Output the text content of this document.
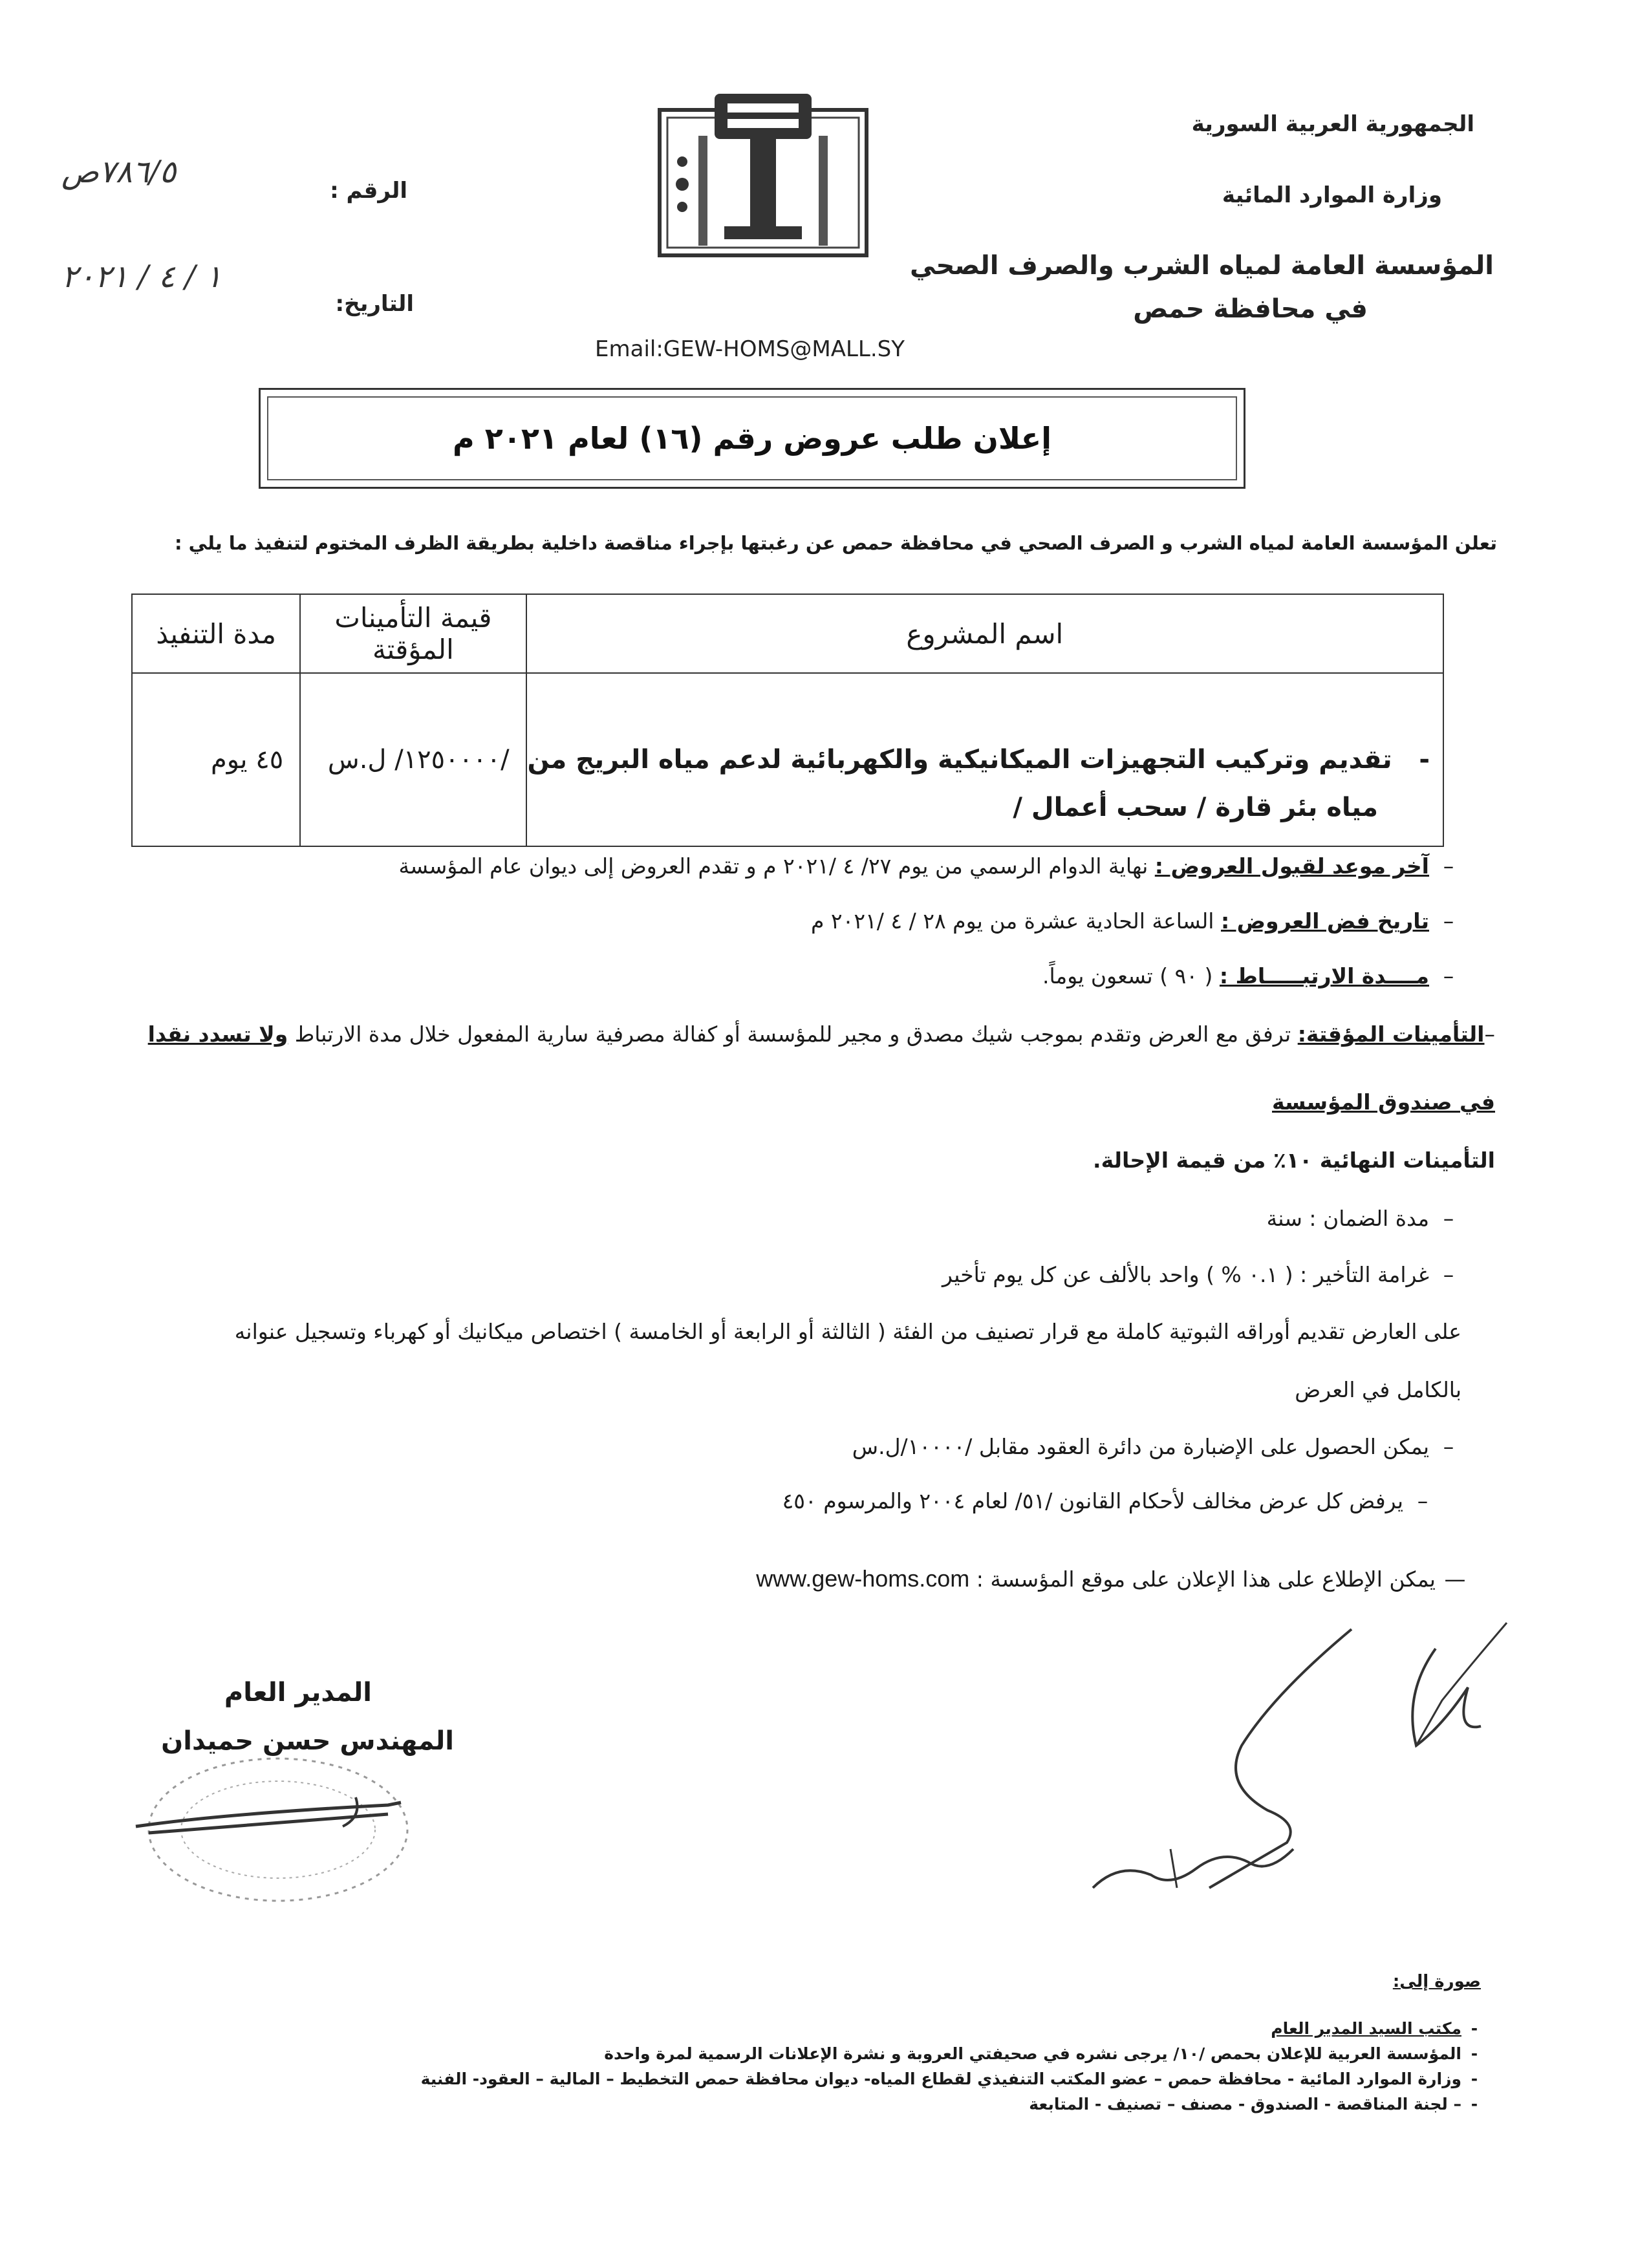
الجمهورية العربية السورية
وزارة الموارد المائية
المؤسسة العامة لمياه الشرب والصرف الصحي
في محافظة حمص
الرقم :
٧٨٦/٥ص
التاريخ:
١ / ٤ / ٢٠٢١
Email:GEW-HOMS@MALL.SY
إعلان طلب عروض رقم (١٦) لعام ٢٠٢١ م
تعلن المؤسسة العامة لمياه الشرب و الصرف الصحي في محافظة حمص عن رغبتها بإجراء مناقصة داخلية بطريقة الظرف المختوم لتنفيذ ما يلي :
مدة التنفيذ	قيمة التأمينات المؤقتة	اسم المشروع
٤٥ يوم	/١٢٥٠٠٠٠/ ل.س	-   تقديم وتركيب التجهيزات الميكانيكية والكهربائية لدعم مياه البريج من
مياه بئر قارة / سحب أعمال /
–آخر موعد لقبول العروض : نهاية الدوام الرسمي من يوم ٢٧/ ٤ /٢٠٢١ م و تقدم العروض إلى ديوان عام المؤسسة
–تاريخ فض العروض : الساعة الحادية عشرة من يوم ٢٨ / ٤ /٢٠٢١ م
–مــــدة الارتبـــــاط : ( ٩٠ ) تسعون يوماً.
–التأمينات المؤقتة: ترفق مع العرض وتقدم بموجب شيك مصدق و مجير للمؤسسة أو كفالة مصرفية سارية المفعول خلال مدة الارتباط ولا تسدد نقدا
في صندوق المؤسسة
التأمينات النهائية ١٠٪ من قيمة الإحالة.
–مدة الضمان : سنة
–غرامة التأخير : ( ٠.١ % ) واحد بالألف عن كل يوم تأخير
على العارض تقديم أوراقه الثبوتية كاملة مع قرار تصنيف من الفئة ( الثالثة أو الرابعة أو الخامسة ) اختصاص ميكانيك أو كهرباء وتسجيل عنوانه
بالكامل في العرض
–يمكن الحصول على الإضبارة من دائرة العقود مقابل /١٠٠٠٠/ل.س
–يرفض كل عرض مخالف لأحكام القانون /٥١/ لعام ٢٠٠٤ والمرسوم ٤٥٠
—يمكن الإطلاع على هذا الإعلان على موقع المؤسسة : www.gew-homs.com
المدير العام
المهندس حسن حميدان
صورة إلى:
-مكتب السيد المدير العام
-المؤسسة العربية للإعلان بحمص /١٠/ يرجى نشره في صحيفتي العروبة و نشرة الإعلانات الرسمية لمرة واحدة
-وزارة الموارد المائية - محافظة حمص – عضو المكتب التنفيذي لقطاع المياه- ديوان محافظة حمص التخطيط – المالية – العقود- الفنية
-– لجنة المناقصة - الصندوق - مصنف – تصنيف - المتابعة
